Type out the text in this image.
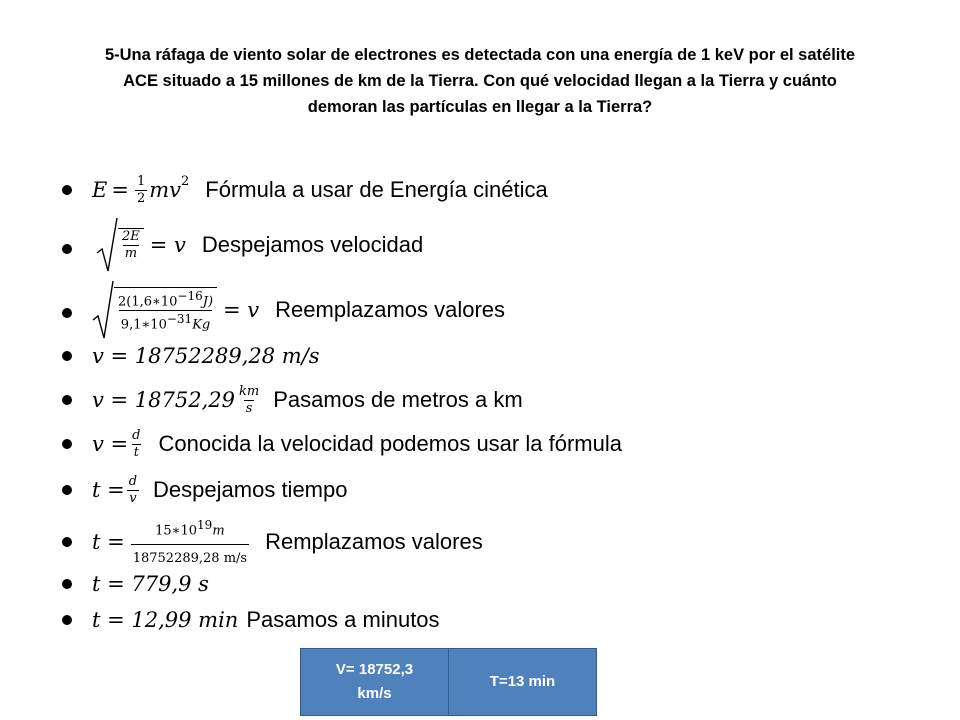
5-Una ráfaga de viento solar de electrones es detectada con una energía de 1 keV por el satélite
ACE situado a 15 millones de km de la Tierra. Con qué velocidad llegan a la Tierra y cuánto
demoran las partículas en llegar a la Tierra?
$E = \frac{1}{2} mv^2$ Fórmula a usar de Energía cinética
$\frac{2E}{m} = v$ Despejamos velocidad
$\frac{2(1,6∗10^{-16}J)}{9,1∗10^{-31}Kg} = v$ Reemplazamos valores
v = 18752289,28 m/s
$v = 18752,29 \frac{km}{s}$ Pasamos de metros a km
$v = \frac{d}{t}$ Conocida la velocidad podemos usar la fórmula
$t = \frac{d}{v}$ Despejamos tiempo
$t = \frac{15∗10^{19}m}{18752289,28 m/s}$ Remplazamos valores
t = 779,9 s
t = 12,99 min Pasamos a minutos
V= 18752,3
km/s
T=13 min
